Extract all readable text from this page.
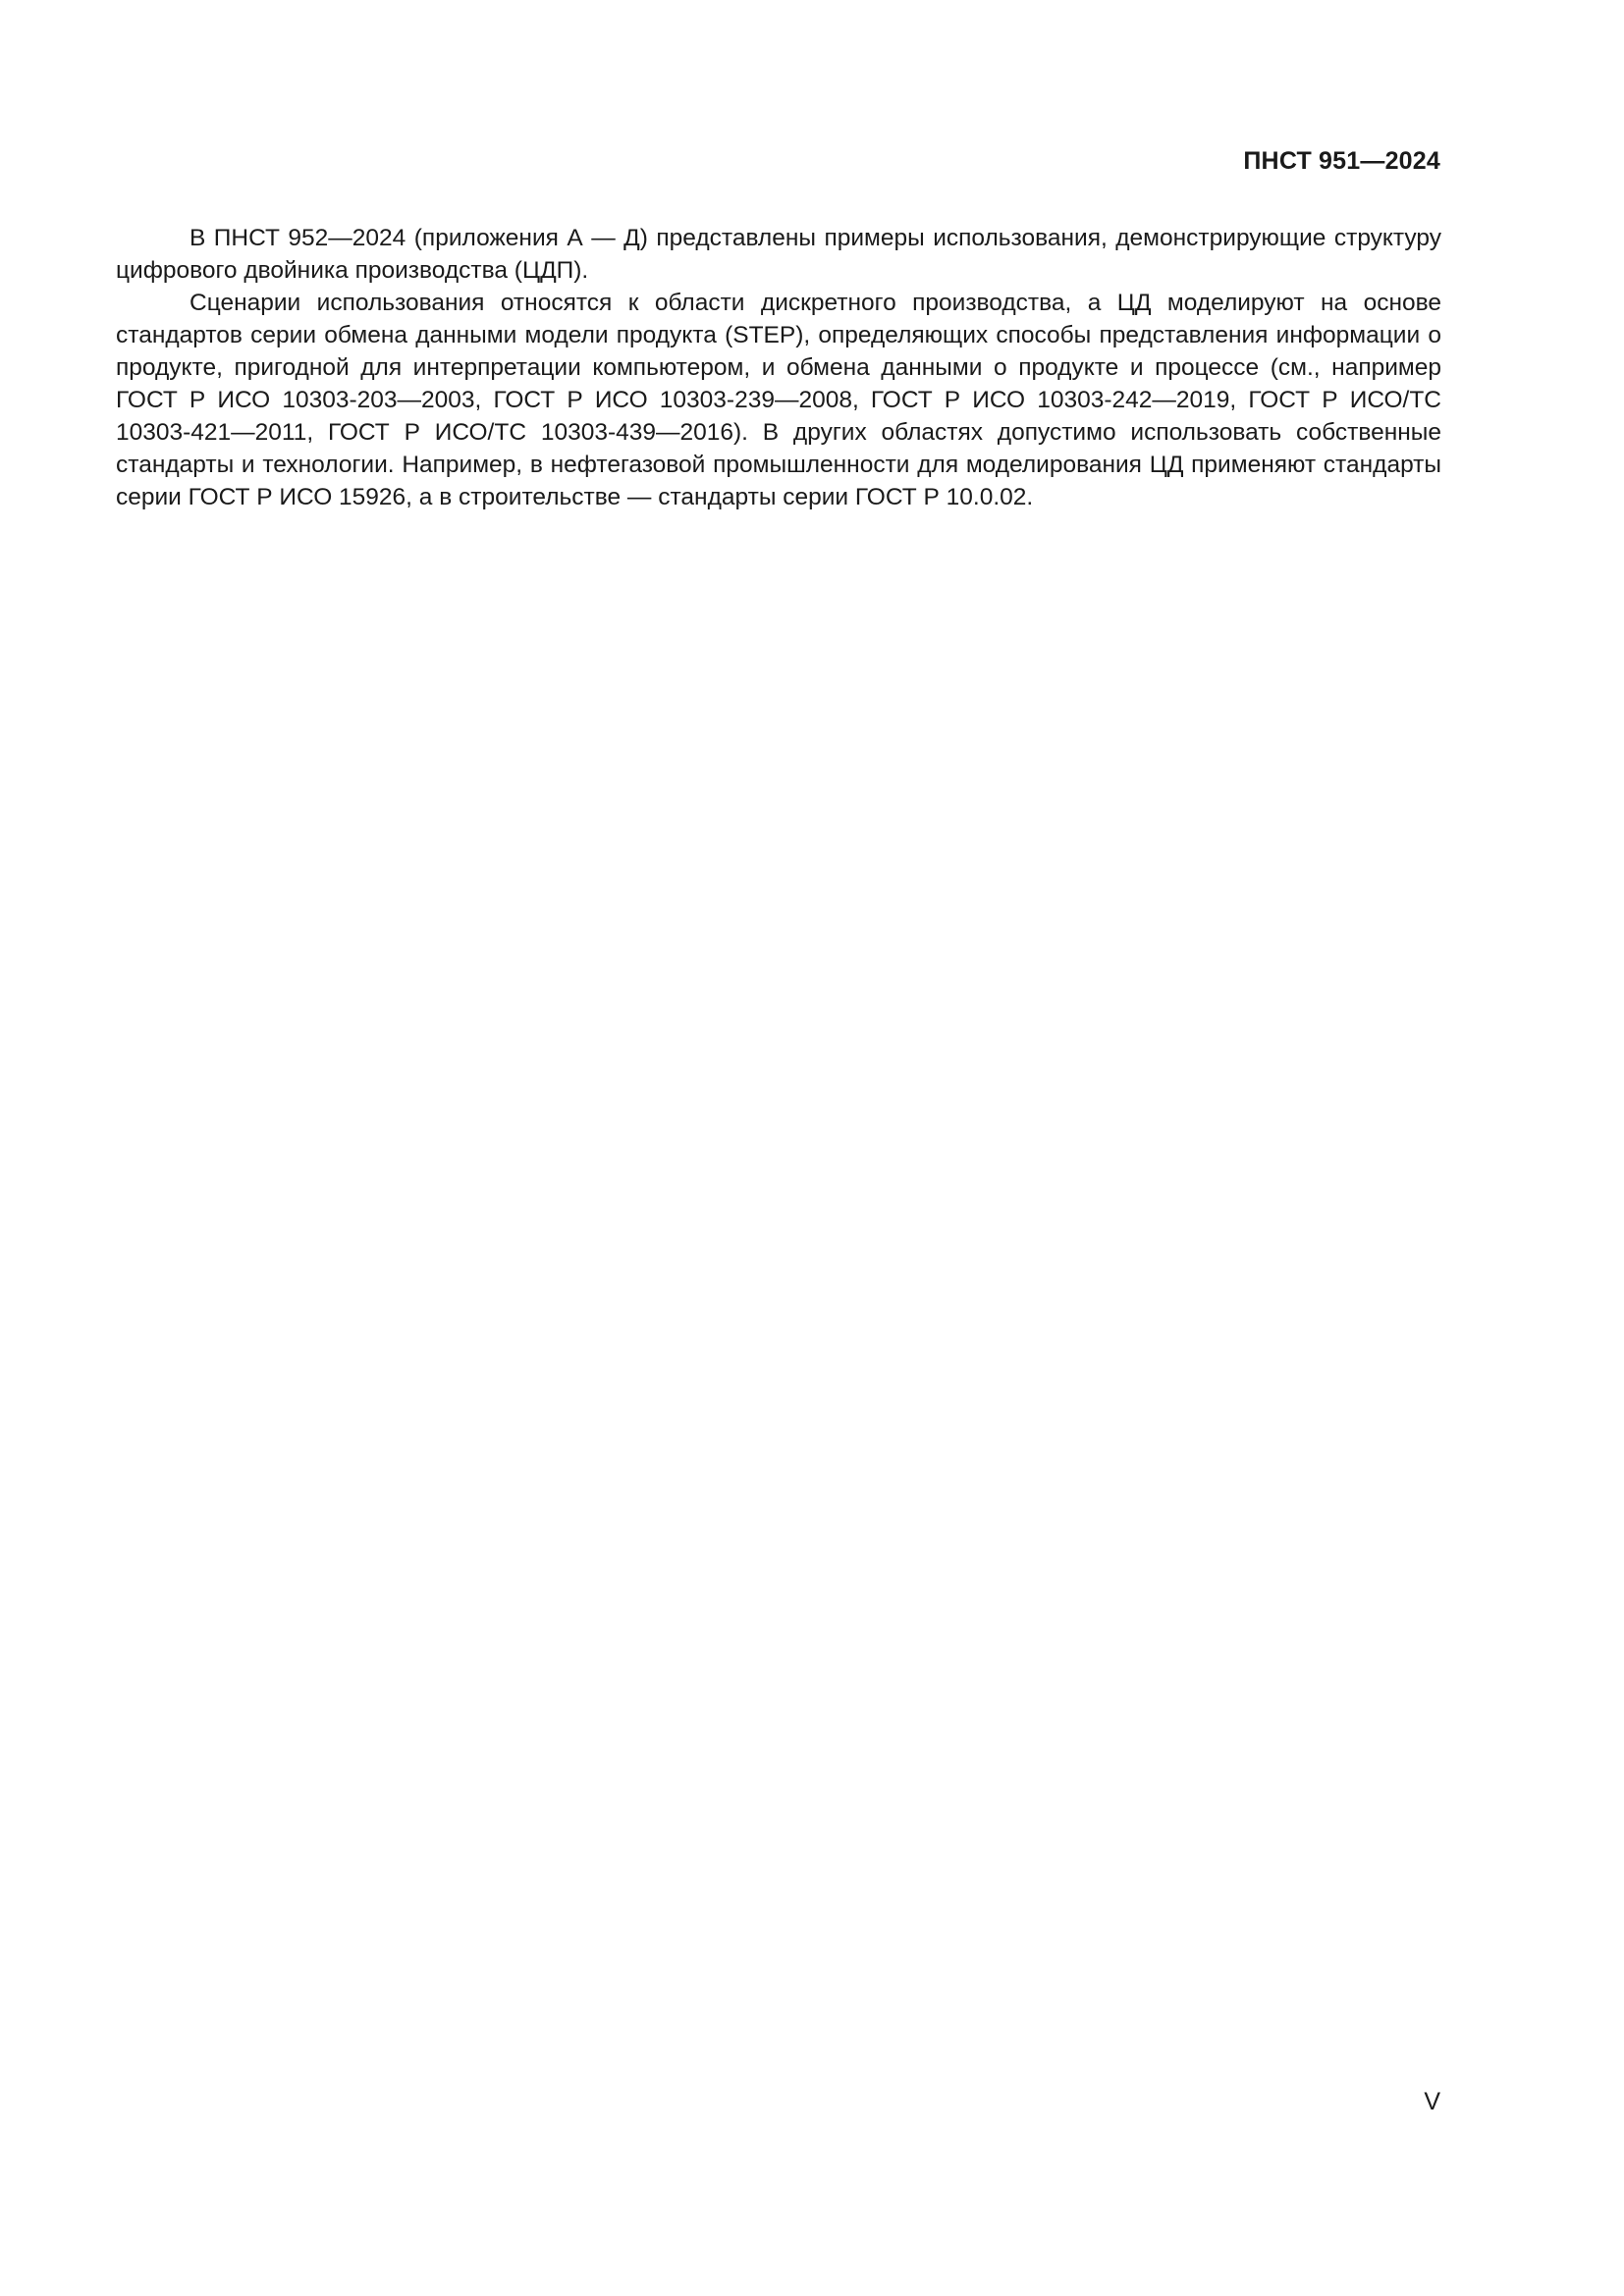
ПНСТ 951—2024

В ПНСТ 952—2024 (приложения А — Д) представлены примеры использования, демонстрирующие структуру цифрового двойника производства (ЦДП).

Сценарии использования относятся к области дискретного производства, а ЦД моделируют на основе стандартов серии обмена данными модели продукта (STEP), определяющих способы представления информации о продукте, пригодной для интерпретации компьютером, и обмена данными о продукте и процессе (см., например ГОСТ Р ИСО 10303-203—2003, ГОСТ Р ИСО 10303-239—2008, ГОСТ Р ИСО 10303-242—2019, ГОСТ Р ИСО/ТС 10303-421—2011, ГОСТ Р ИСО/ТС 10303-439—2016). В других областях допустимо использовать собственные стандарты и технологии. Например, в нефтегазовой промышленности для моделирования ЦД применяют стандарты серии ГОСТ Р ИСО 15926, а в строительстве — стандарты серии ГОСТ Р 10.0.02.

V
